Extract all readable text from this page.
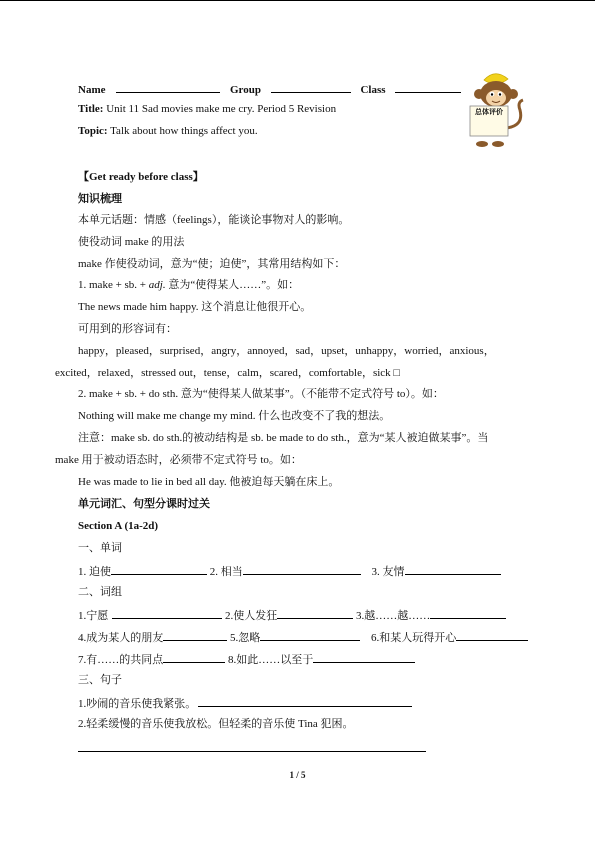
Name	Group	Class
Title: Unit 11 Sad movies make me cry. Period 5 Revision
Topic: Talk about how things affect you.
总体评价
【Get ready before class】
知识梳理
本单元话题：情感（feelings），能谈论事物对人的影响。
使役动词 make 的用法
make 作使役动词，意为“使；迫使”，其常用结构如下：
1. make + sb. + adj. 意为“使得某人……”。如：
The news made him happy. 这个消息让他很开心。
可用到的形容词有：
happy，pleased，surprised，angry，annoyed，sad，upset，unhappy，worried，anxious，
excited，relaxed，stressed out，tense，calm，scared，comfortable，sick □
2. make + sb. + do sth. 意为“使得某人做某事”。（不能带不定式符号 to）。如：
Nothing will make me change my mind. 什么也改变不了我的想法。
注意：make sb. do sth.的被动结构是 sb. be made to do sth.，意为“某人被迫做某事”。当
make 用于被动语态时，必须带不定式符号 to。如：
He was made to lie in bed all day. 他被迫每天躺在床上。
单元词汇、句型分课时过关
Section A (1a-2d)
一、单词
1. 迫使	2. 相当	3. 友情
二、词组
1.宁愿	2.使人发狂	3.越……越……
4.成为某人的朋友	5.忽略	6.和某人玩得开心
7.有……的共同点	8.如此……以至于
三、句子
1.吵闹的音乐使我紧张。
2.轻柔缓慢的音乐使我放松。但轻柔的音乐使 Tina 犯困。
1 / 5
